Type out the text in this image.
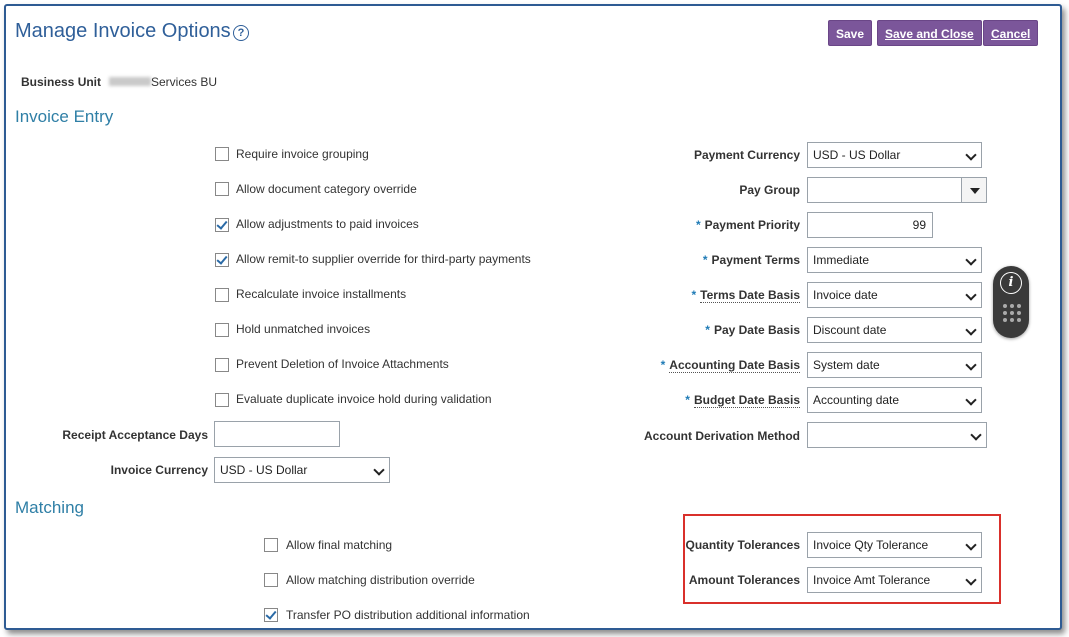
Manage Invoice Options ?	Save	Save and Close	Cancel
Business Unit	Services BU
Invoice Entry
Require invoice grouping
Allow document category override
Allow adjustments to paid invoices
Allow remit-to supplier override for third-party payments
Recalculate invoice installments
Hold unmatched invoices
Prevent Deletion of Invoice Attachments
Evaluate duplicate invoice hold during validation
Receipt Acceptance Days
Invoice Currency	USD - US Dollar
Payment Currency	USD - US Dollar
Pay Group
* Payment Priority	99
* Payment Terms	Immediate
* Terms Date Basis	Invoice date
* Pay Date Basis	Discount date
* Accounting Date Basis	System date
* Budget Date Basis	Accounting date
Account Derivation Method
Matching
Allow final matching
Allow matching distribution override
Transfer PO distribution additional information
Quantity Tolerances	Invoice Qty Tolerance
Amount Tolerances	Invoice Amt Tolerance
i
